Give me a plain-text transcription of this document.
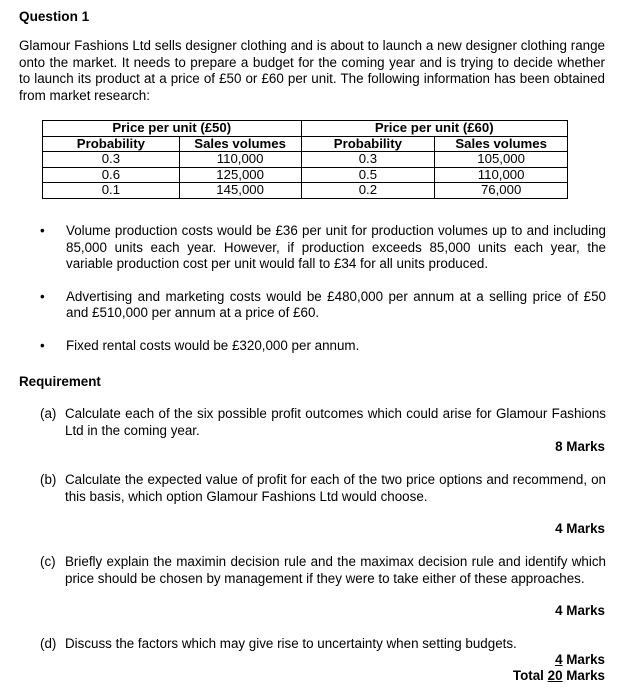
Question 1
Glamour Fashions Ltd sells designer clothing and is about to launch a new designer clothing range onto the market. It needs to prepare a budget for the coming year and is trying to decide whether to launch its product at a price of £50 or £60 per unit. The following information has been obtained from market research:
Price per unit (£50)		Price per unit (£60)	
Probability	Sales volumes	Probability	Sales volumes
0.3	110,000	0.3	105,000
0.6	125,000	0.5	110,000
0.1	145,000	0.2	76,000
• Volume production costs would be £36 per unit for production volumes up to and including 85,000 units each year. However, if production exceeds 85,000 units each year, the variable production cost per unit would fall to £34 for all units produced.
• Advertising and marketing costs would be £480,000 per annum at a selling price of £50 and £510,000 per annum at a price of £60.
• Fixed rental costs would be £320,000 per annum.
Requirement
(a) Calculate each of the six possible profit outcomes which could arise for Glamour Fashions Ltd in the coming year.
8 Marks
(b) Calculate the expected value of profit for each of the two price options and recommend, on this basis, which option Glamour Fashions Ltd would choose.
4 Marks
(c) Briefly explain the maximin decision rule and the maximax decision rule and identify which price should be chosen by management if they were to take either of these approaches.
4 Marks
(d) Discuss the factors which may give rise to uncertainty when setting budgets.
4 Marks
Total 20 Marks
